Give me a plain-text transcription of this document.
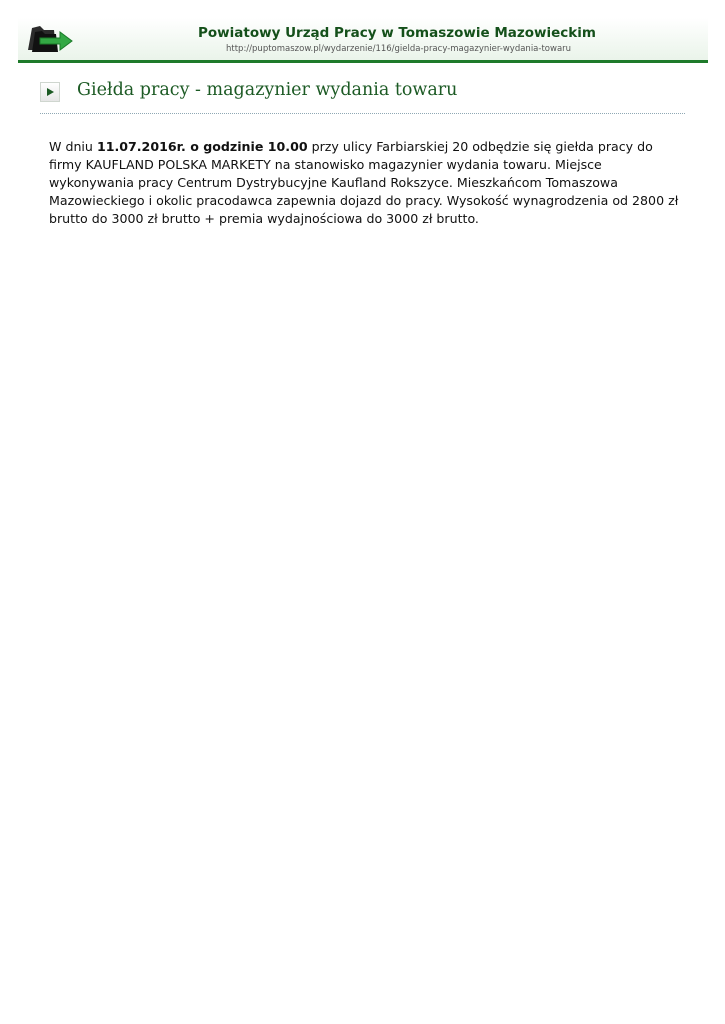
Powiatowy Urząd Pracy w Tomaszowie Mazowieckim
http://puptomaszow.pl/wydarzenie/116/gielda-pracy-magazynier-wydania-towaru
Giełda pracy - magazynier wydania towaru
W dniu 11.07.2016r. o godzinie 10.00 przy ulicy Farbiarskiej 20 odbędzie się giełda pracy do firmy KAUFLAND POLSKA MARKETY na stanowisko magazynier wydania towaru. Miejsce wykonywania pracy Centrum Dystrybucyjne Kaufland Rokszyce. Mieszkańcom Tomaszowa Mazowieckiego i okolic pracodawca zapewnia dojazd do pracy. Wysokość wynagrodzenia od 2800 zł brutto do 3000 zł brutto + premia wydajnościowa do 3000 zł brutto.
